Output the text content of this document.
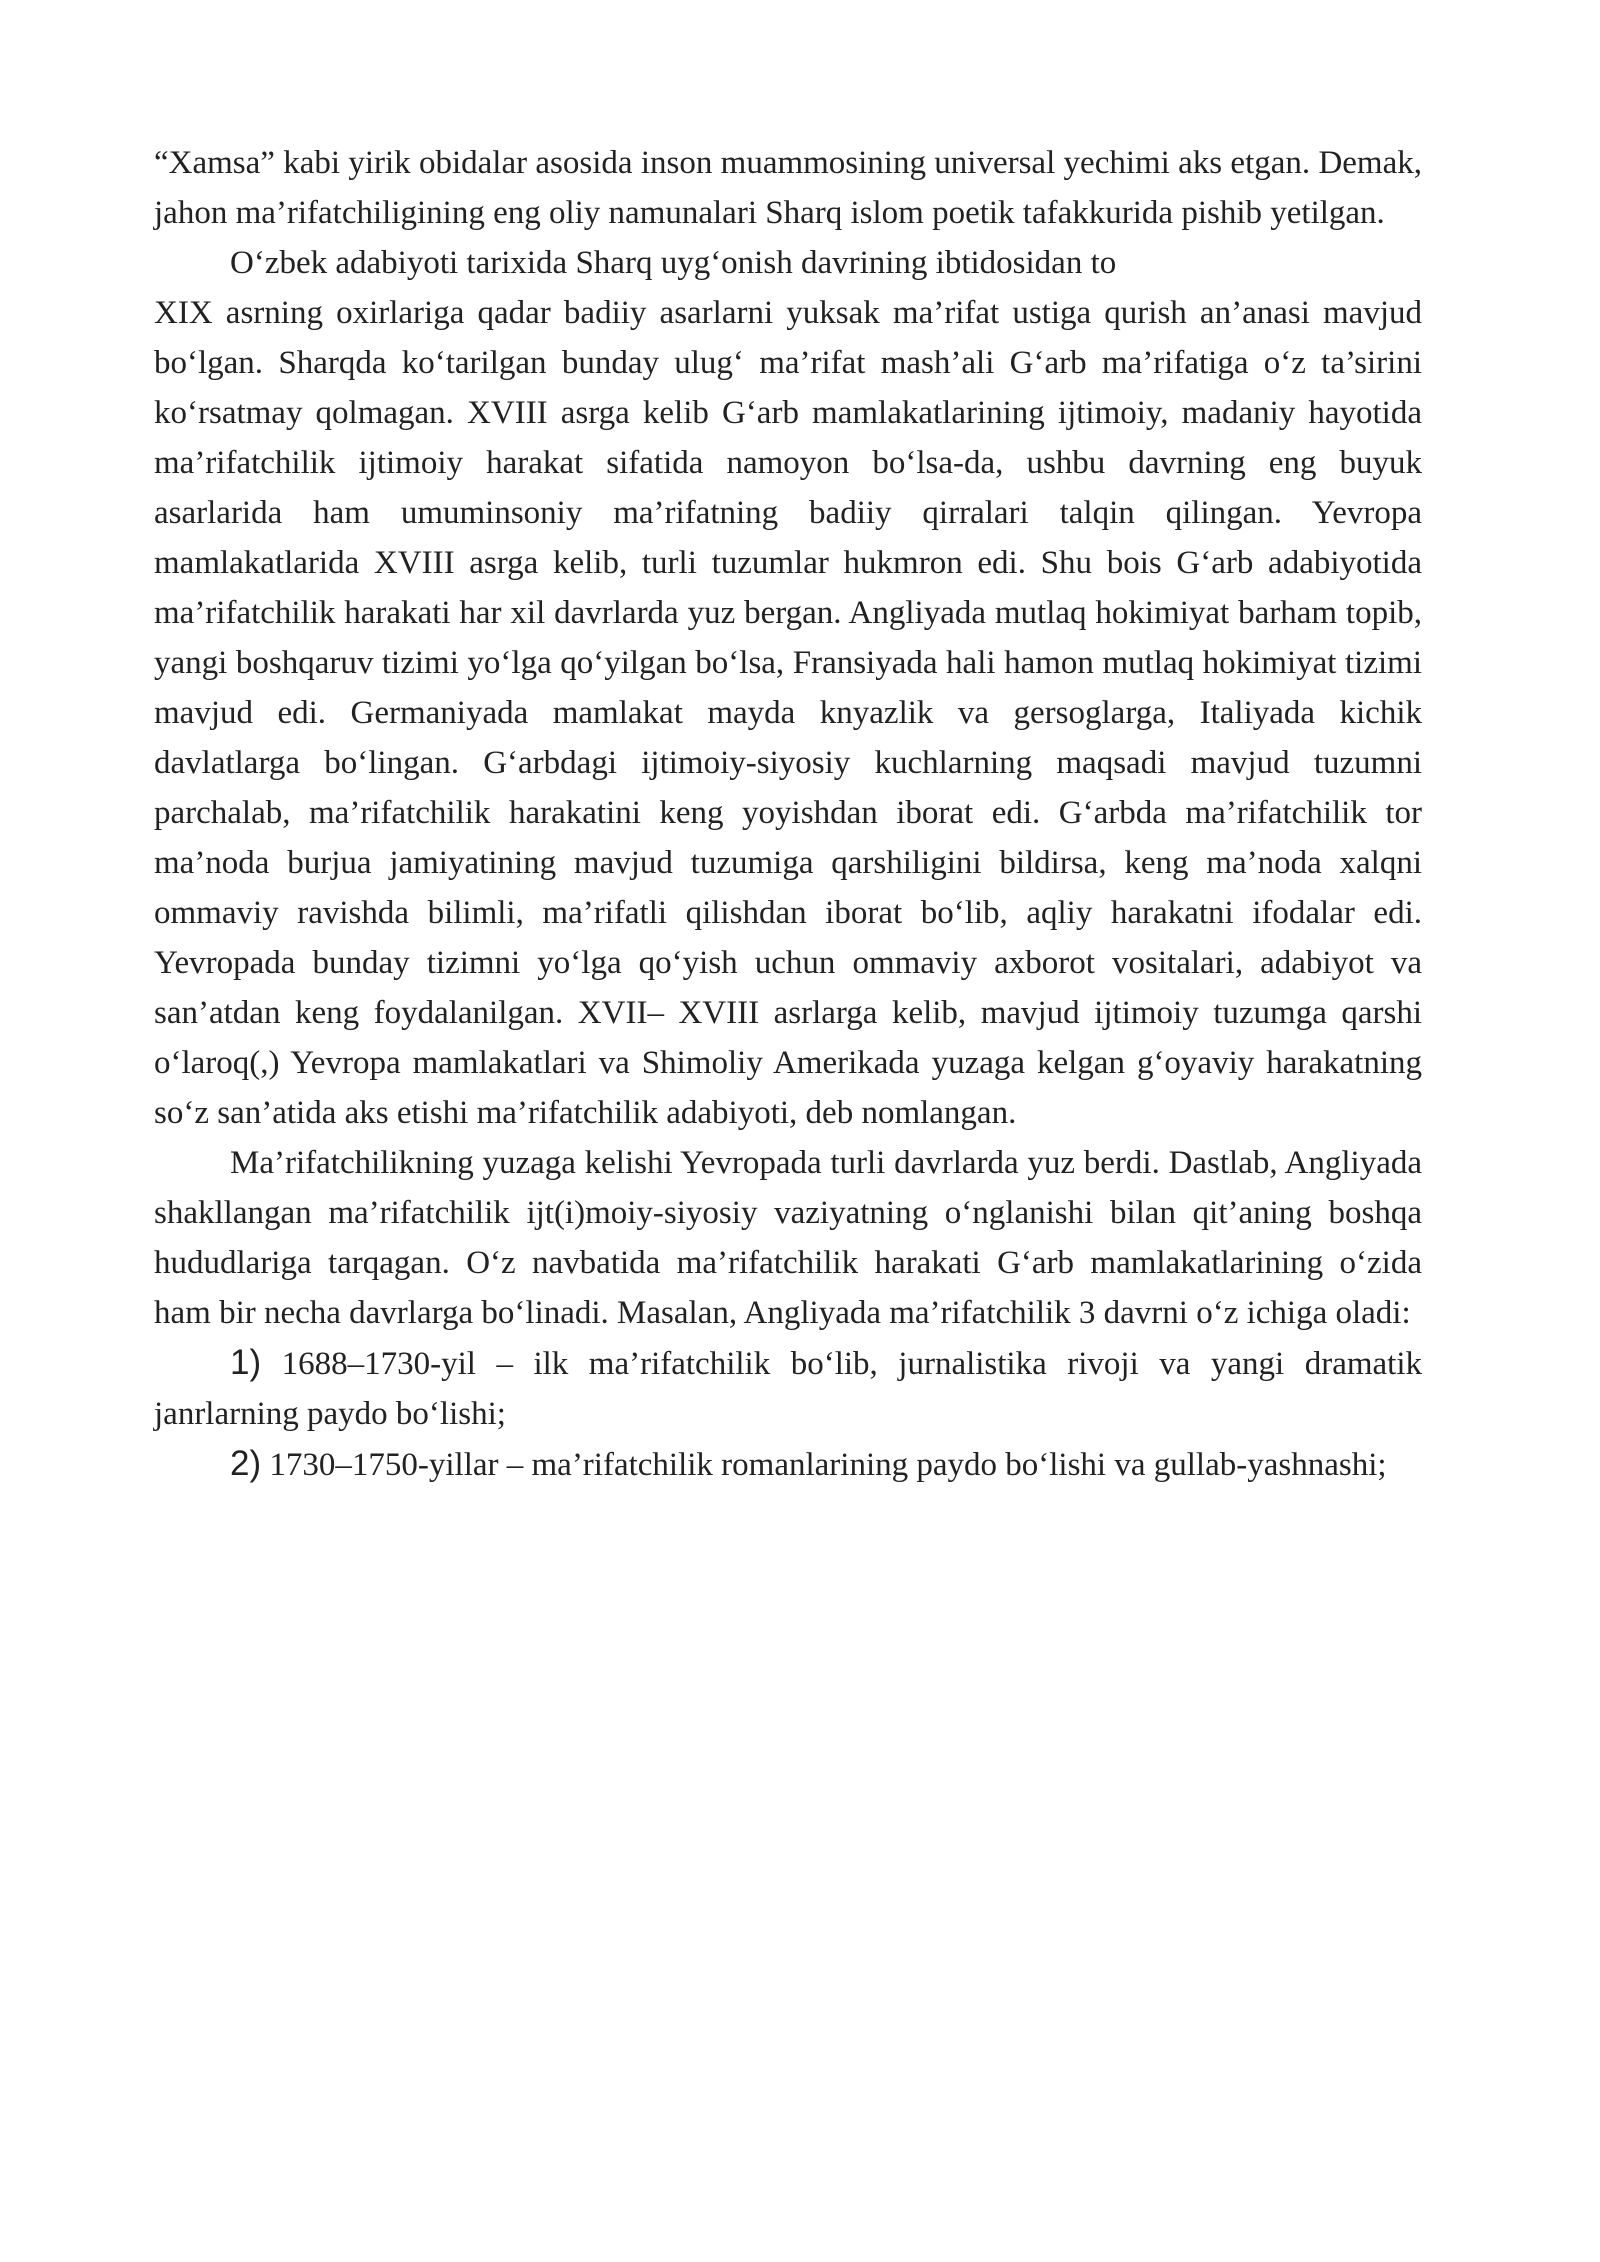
“Xamsa” kabi yirik obidalar asosida inson muammosining universal yechimi aks etgan. Demak, jahon ma’rifatchiligining eng oliy namunalari Sharq islom poetik tafakkurida pishib yetilgan.

O‘zbek adabiyoti tarixida Sharq uyg‘onish davrining ibtidosidan to
XIX asrning oxirlariga qadar badiiy asarlarni yuksak ma’rifat ustiga qurish an’anasi mavjud bo‘lgan. Sharqda ko‘tarilgan bunday ulug‘ ma’rifat mash’ali G‘arb ma’rifatiga o‘z ta’sirini ko‘rsatmay qolmagan. XVIII asrga kelib G‘arb mamlakatlarining ijtimoiy, madaniy hayotida ma’rifatchilik ijtimoiy harakat sifatida namoyon bo‘lsa-da, ushbu davrning eng buyuk asarlarida ham umuminsoniy ma’rifatning badiiy qirralari talqin qilingan. Yevropa mamlakatlarida XVIII asrga kelib, turli tuzumlar hukmron edi. Shu bois G‘arb adabiyotida ma’rifatchilik harakati har xil davrlarda yuz bergan. Angliyada mutlaq hokimiyat barham topib, yangi boshqaruv tizimi yo‘lga qo‘yilgan bo‘lsa, Fransiyada hali hamon mutlaq hokimiyat tizimi mavjud edi. Germaniyada mamlakat mayda knyazlik va gersoglarga, Italiyada kichik davlatlarga bo‘lingan. G‘arbdagi ijtimoiy-siyosiy kuchlarning maqsadi mavjud tuzumni parchalab, ma’rifatchilik harakatini keng yoyishdan iborat edi. G‘arbda ma’rifatchilik tor ma’noda burjua jamiyatining mavjud tuzumiga qarshiligini bildirsa, keng ma’noda xalqni ommaviy ravishda bilimli, ma’rifatli qilishdan iborat bo‘lib, aqliy harakatni ifodalar edi. Yevropada bunday tizimni yo‘lga qo‘yish uchun ommaviy axborot vositalari, adabiyot va san’atdan keng foydalanilgan. XVII– XVIII asrlarga kelib, mavjud ijtimoiy tuzumga qarshi o‘laroq(,) Yevropa mamlakatlari va Shimoliy Amerikada yuzaga kelgan g‘oyaviy harakatning so‘z san’atida aks etishi ma’rifatchilik adabiyoti, deb nomlangan.

Ma’rifatchilikning yuzaga kelishi Yevropada turli davrlarda yuz berdi. Dastlab, Angliyada shakllangan ma’rifatchilik ijt(i)moiy-siyosiy vaziyatning o‘nglanishi bilan qit’aning boshqa hududlariga tarqagan. O‘z navbatida ma’rifatchilik harakati G‘arb mamlakatlarining o‘zida ham bir necha davrlarga bo‘linadi. Masalan, Angliyada ma’rifatchilik 3 davrni o‘z ichiga oladi:

1) 1688–1730-yil – ilk ma’rifatchilik bo‘lib, jurnalistika rivoji va yangi dramatik janrlarning paydo bo‘lishi;

2) 1730–1750-yillar – ma’rifatchilik romanlarining paydo bo‘lishi va gullab-yashnashi;
